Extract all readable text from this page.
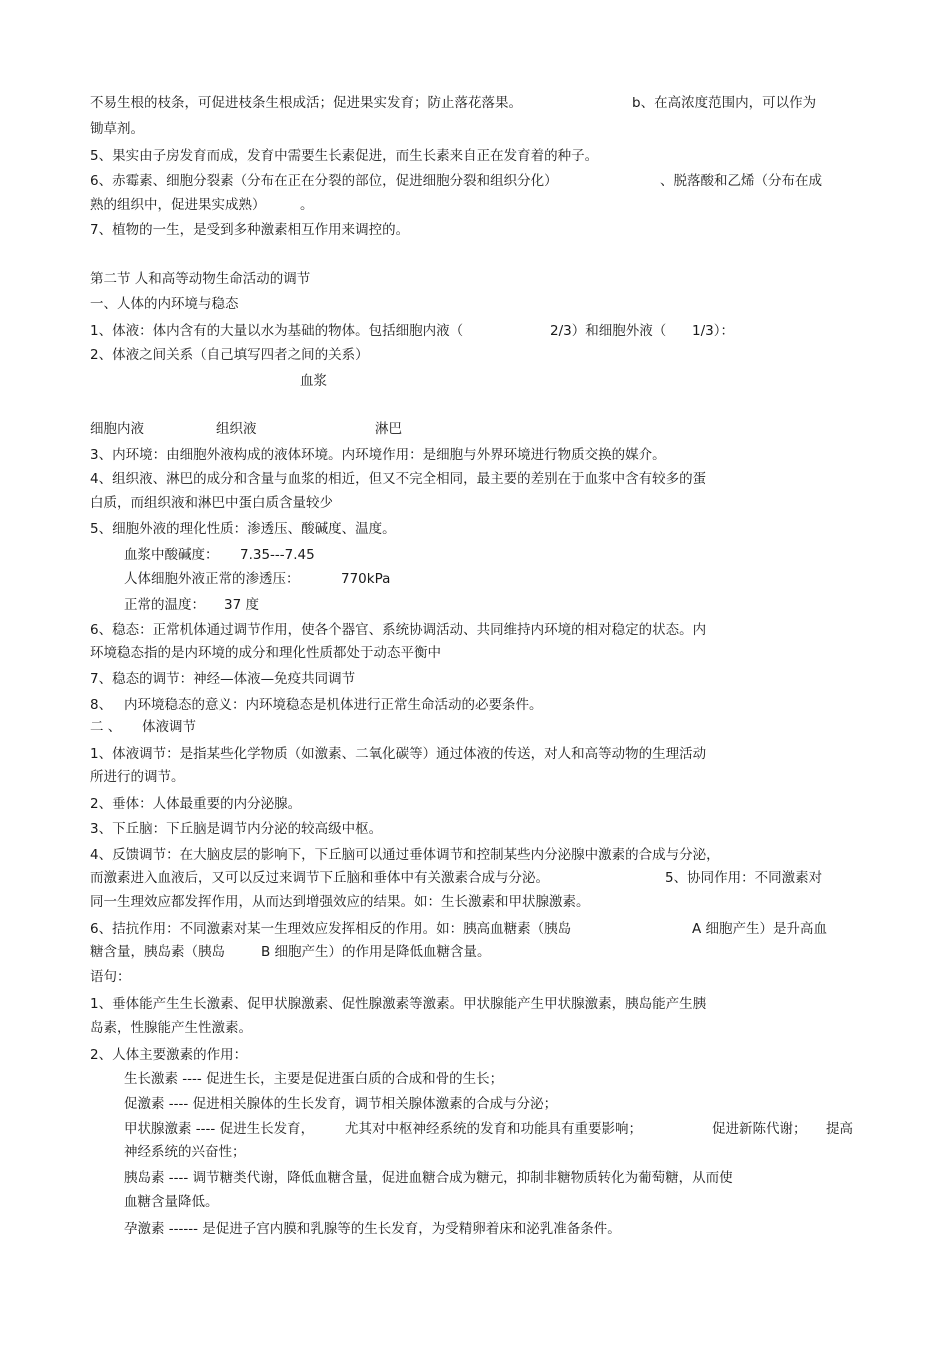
不易生根的枝条，可促进枝条生根成活；促进果实发育；防止落花落果。	b、在高浓度范围内，可以作为
锄草剂。
5、果实由子房发育而成，发育中需要生长素促进，而生长素来自正在发育着的种子。
6、赤霉素、细胞分裂素（分布在正在分裂的部位，促进细胞分裂和组织分化）	、脱落酸和乙烯（分布在成
熟的组织中，促进果实成熟）	。
7、植物的一生，是受到多种激素相互作用来调控的。
第二节 人和高等动物生命活动的调节
一、人体的内环境与稳态
1、体液：体内含有的大量以水为基础的物体。包括细胞内液（	2/3）和细胞外液（ 1/3）：
2、体液之间关系（自己填写四者之间的关系）
血浆
细胞内液	组织液	淋巴
3、内环境：由细胞外液构成的液体环境。内环境作用：是细胞与外界环境进行物质交换的媒介。
4、组织液、淋巴的成分和含量与血浆的相近，但又不完全相同，最主要的差别在于血浆中含有较多的蛋
白质，而组织液和淋巴中蛋白质含量较少
5、细胞外液的理化性质：渗透压、酸碱度、温度。
血浆中酸碱度： 7.35---7.45
人体细胞外液正常的渗透压：	770kPa
正常的温度： 37 度
6、稳态：正常机体通过调节作用，使各个器官、系统协调活动、共同维持内环境的相对稳定的状态。内
环境稳态指的是内环境的成分和理化性质都处于动态平衡中
7、稳态的调节：神经—体液—免疫共同调节
8、 内环境稳态的意义：内环境稳态是机体进行正常生命活动的必要条件。
二 、 体液调节
1、体液调节：是指某些化学物质（如激素、二氧化碳等）通过体液的传送，对人和高等动物的生理活动
所进行的调节。
2、垂体：人体最重要的内分泌腺。
3、下丘脑：下丘脑是调节内分泌的较高级中枢。
4、反馈调节：在大脑皮层的影响下，下丘脑可以通过垂体调节和控制某些内分泌腺中激素的合成与分泌，
而激素进入血液后，又可以反过来调节下丘脑和垂体中有关激素合成与分泌。	5、协同作用：不同激素对
同一生理效应都发挥作用，从而达到增强效应的结果。如：生长激素和甲状腺激素。
6、拮抗作用：不同激素对某一生理效应发挥相反的作用。如：胰高血糖素（胰岛	A 细胞产生）是升高血
糖含量，胰岛素（胰岛	B 细胞产生）的作用是降低血糖含量。
语句：
1、垂体能产生生长激素、促甲状腺激素、促性腺激素等激素。甲状腺能产生甲状腺激素，胰岛能产生胰
岛素，性腺能产生性激素。
2、人体主要激素的作用：
生长激素 ---- 促进生长，主要是促进蛋白质的合成和骨的生长；
促激素 ---- 促进相关腺体的生长发育，调节相关腺体激素的合成与分泌；
甲状腺激素 ---- 促进生长发育， 尤其对中枢神经系统的发育和功能具有重要影响；	促进新陈代谢； 提高
神经系统的兴奋性；
胰岛素 ---- 调节糖类代谢，降低血糖含量，促进血糖合成为糖元，抑制非糖物质转化为葡萄糖，从而使
血糖含量降低。
孕激素 ------ 是促进子宫内膜和乳腺等的生长发育，为受精卵着床和泌乳准备条件。
